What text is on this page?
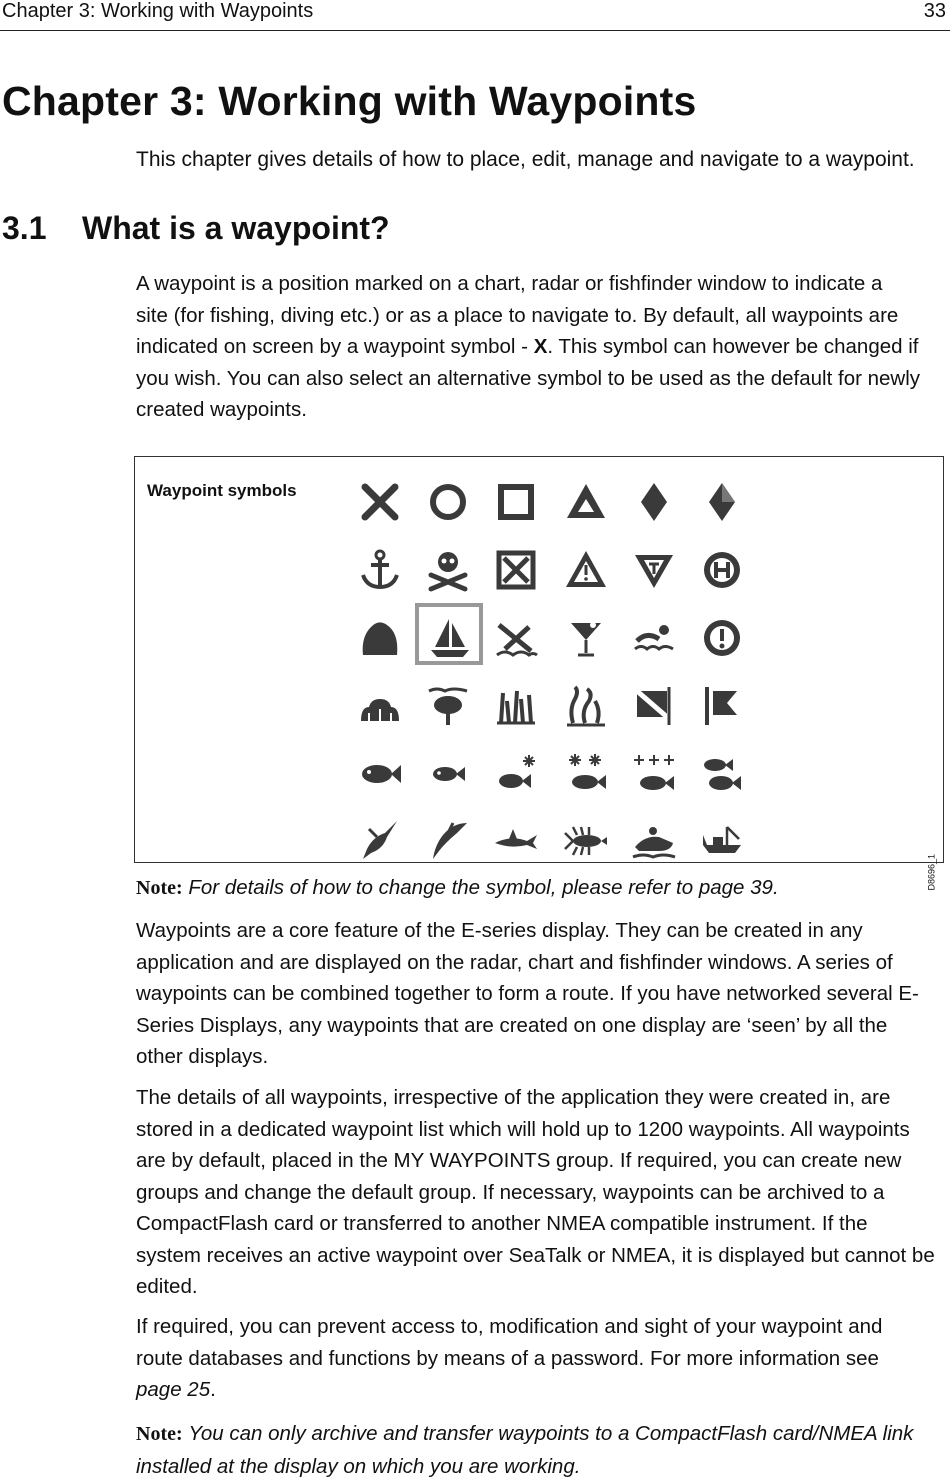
Chapter 3: Working with Waypoints	33
Chapter 3: Working with Waypoints

This chapter gives details of how to place, edit, manage and navigate to a waypoint.

3.1 What is a waypoint?

A waypoint is a position marked on a chart, radar or fishfinder window to indicate a
site (for fishing, diving etc.) or as a place to navigate to. By default, all waypoints are
indicated on screen by a waypoint symbol - X. This symbol can however be changed if
you wish. You can also select an alternative symbol to be used as the default for newly
created waypoints.

Waypoint symbols
D8696_1

Note: For details of how to change the symbol, please refer to page 39.

Waypoints are a core feature of the E-series display. They can be created in any
application and are displayed on the radar, chart and fishfinder windows. A series of
waypoints can be combined together to form a route. If you have networked several E-
Series Displays, any waypoints that are created on one display are ‘seen’ by all the
other displays.

The details of all waypoints, irrespective of the application they were created in, are
stored in a dedicated waypoint list which will hold up to 1200 waypoints. All waypoints
are by default, placed in the MY WAYPOINTS group. If required, you can create new
groups and change the default group. If necessary, waypoints can be archived to a
CompactFlash card or transferred to another NMEA compatible instrument. If the
system receives an active waypoint over SeaTalk or NMEA, it is displayed but cannot be
edited.

If required, you can prevent access to, modification and sight of your waypoint and
route databases and functions by means of a password. For more information see
page 25.

Note: You can only archive and transfer waypoints to a CompactFlash card/NMEA link
installed at the display on which you are working.
